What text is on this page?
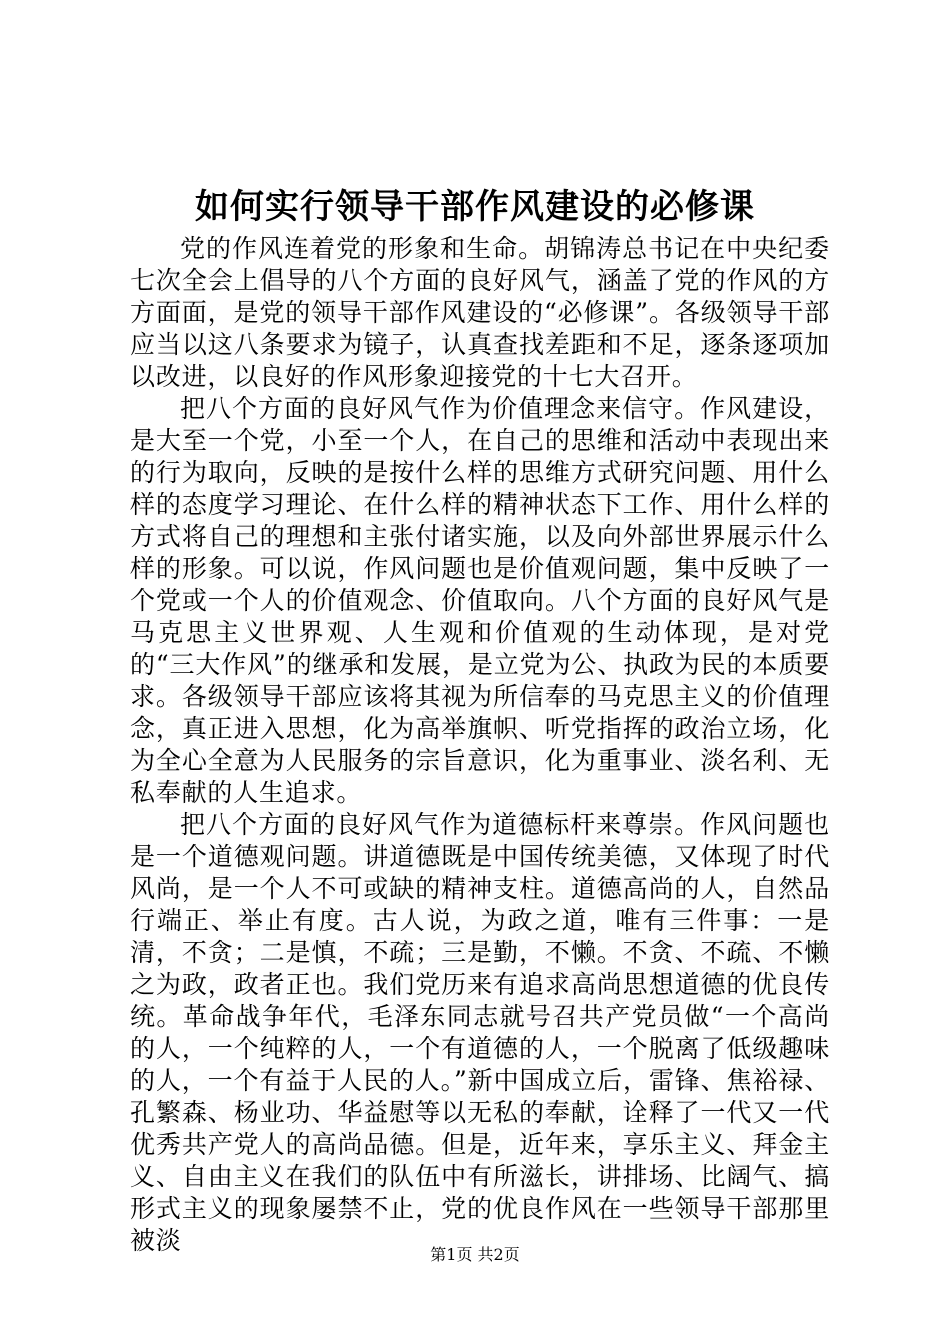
如何实行领导干部作风建设的必修课

党的作风连着党的形象和生命。胡锦涛总书记在中央纪委七次全会上倡导的八个方面的良好风气，涵盖了党的作风的方方面面，是党的领导干部作风建设的“必修课”。各级领导干部应当以这八条要求为镜子，认真查找差距和不足，逐条逐项加以改进，以良好的作风形象迎接党的十七大召开。

把八个方面的良好风气作为价值理念来信守。作风建设，是大至一个党，小至一个人，在自己的思维和活动中表现出来的行为取向，反映的是按什么样的思维方式研究问题、用什么样的态度学习理论、在什么样的精神状态下工作、用什么样的方式将自己的理想和主张付诸实施，以及向外部世界展示什么样的形象。可以说，作风问题也是价值观问题，集中反映了一个党或一个人的价值观念、价值取向。八个方面的良好风气是马克思主义世界观、人生观和价值观的生动体现，是对党的“三大作风”的继承和发展，是立党为公、执政为民的本质要求。各级领导干部应该将其视为所信奉的马克思主义的价值理念，真正进入思想，化为高举旗帜、听党指挥的政治立场，化为全心全意为人民服务的宗旨意识，化为重事业、淡名利、无私奉献的人生追求。

把八个方面的良好风气作为道德标杆来尊崇。作风问题也是一个道德观问题。讲道德既是中国传统美德，又体现了时代风尚，是一个人不可或缺的精神支柱。道德高尚的人，自然品行端正、举止有度。古人说，为政之道，唯有三件事：一是清，不贪；二是慎，不疏；三是勤，不懒。不贪、不疏、不懒之为政，政者正也。我们党历来有追求高尚思想道德的优良传统。革命战争年代，毛泽东同志就号召共产党员做“一个高尚的人，一个纯粹的人，一个有道德的人，一个脱离了低级趣味的人，一个有益于人民的人。”新中国成立后，雷锋、焦裕禄、孔繁森、杨业功、华益慰等以无私的奉献，诠释了一代又一代优秀共产党人的高尚品德。但是，近年来，享乐主义、拜金主义、自由主义在我们的队伍中有所滋长，讲排场、比阔气、搞形式主义的现象屡禁不止，党的优良作风在一些领导干部那里被淡	第1页 共2页
